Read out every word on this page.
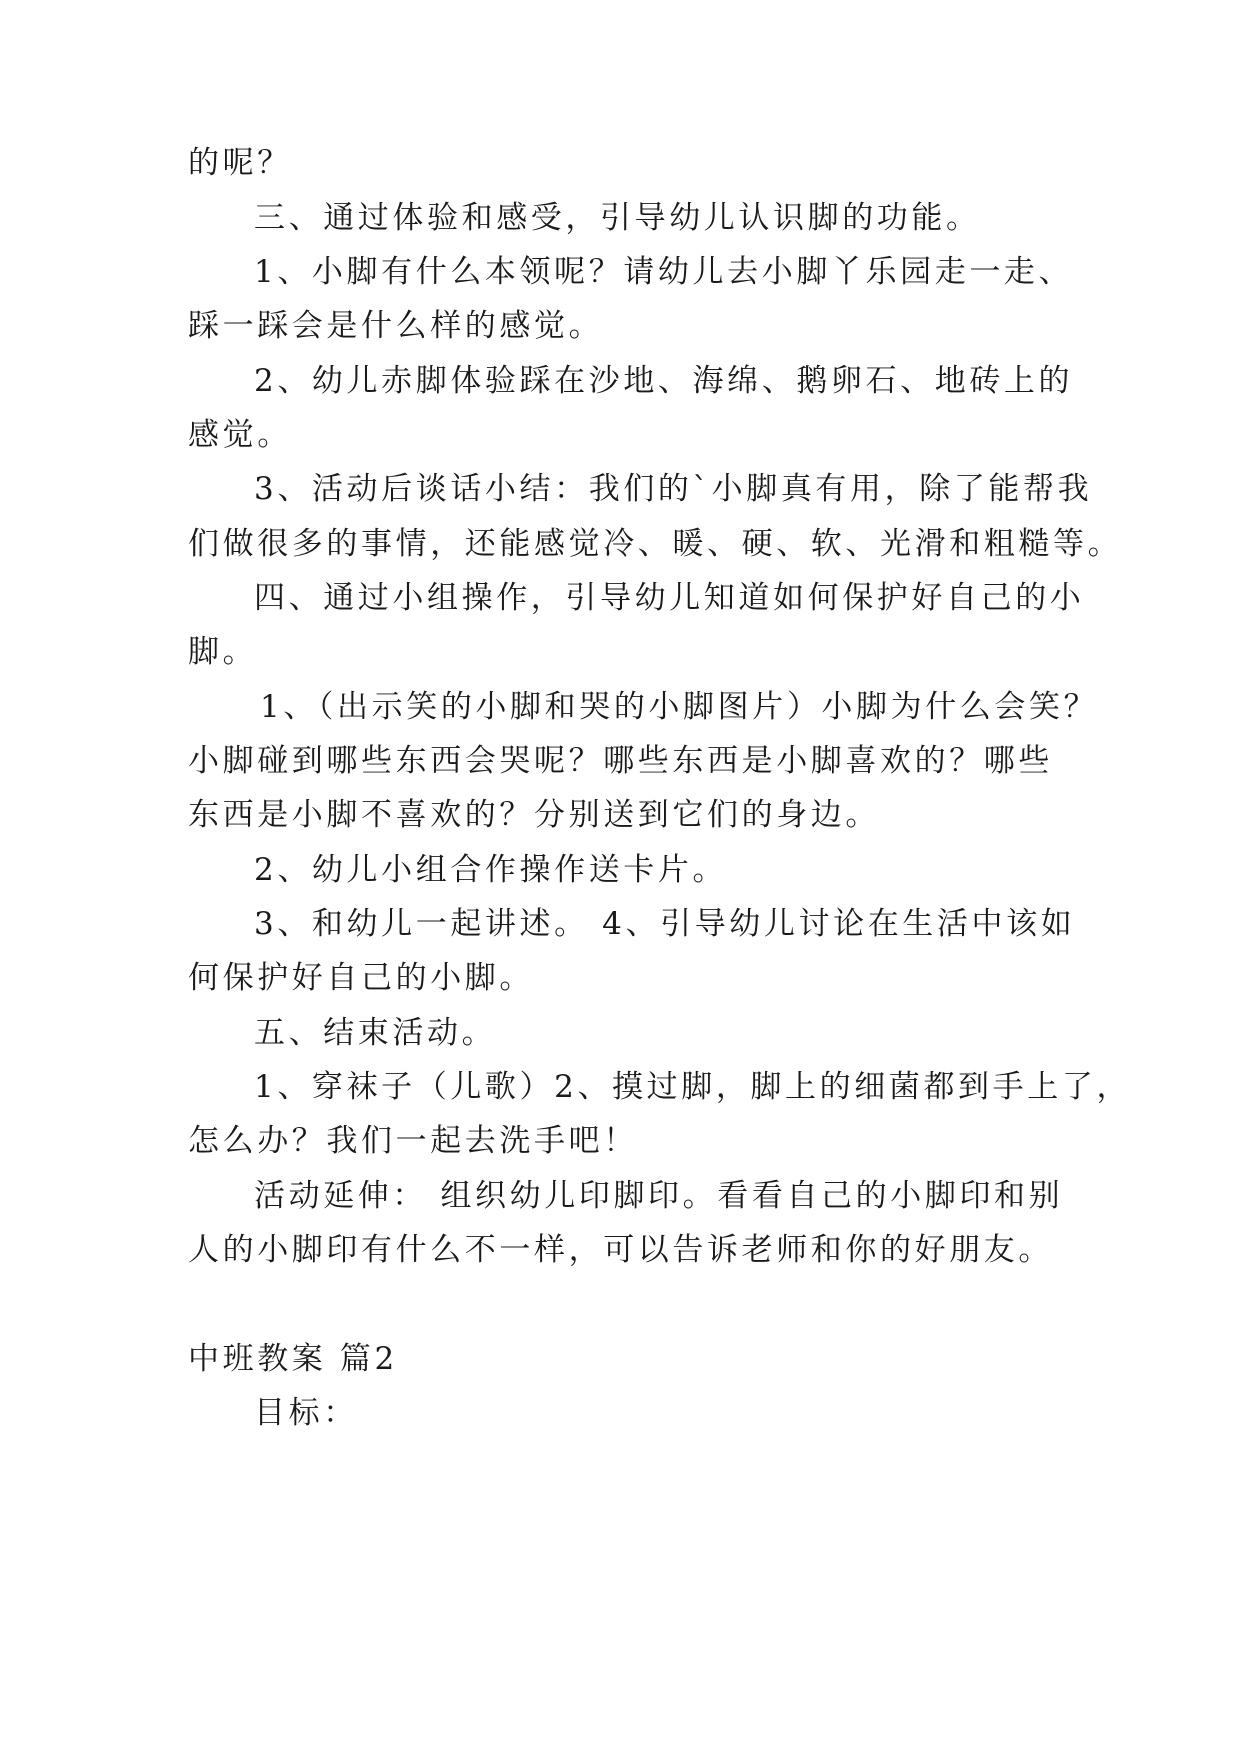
的呢？
三、通过体验和感受，引导幼儿认识脚的功能。
1、小脚有什么本领呢？请幼儿去小脚丫乐园走一走、
踩一踩会是什么样的感觉。
2、幼儿赤脚体验踩在沙地、海绵、鹅卵石、地砖上的
感觉。
3、活动后谈话小结：我们的`小脚真有用，除了能帮我
们做很多的事情，还能感觉冷、暖、硬、软、光滑和粗糙等。
四、通过小组操作，引导幼儿知道如何保护好自己的小
脚。
1、（出示笑的小脚和哭的小脚图片）小脚为什么会笑？
小脚碰到哪些东西会哭呢？哪些东西是小脚喜欢的？哪些
东西是小脚不喜欢的？分别送到它们的身边。
2、幼儿小组合作操作送卡片。
3、和幼儿一起讲述。 4、引导幼儿讨论在生活中该如
何保护好自己的小脚。
五、结束活动。
1、穿袜子（儿歌）2、摸过脚，脚上的细菌都到手上了，
怎么办？我们一起去洗手吧！
活动延伸： 组织幼儿印脚印。看看自己的小脚印和别
人的小脚印有什么不一样，可以告诉老师和你的好朋友。
中班教案 篇2
目标：
